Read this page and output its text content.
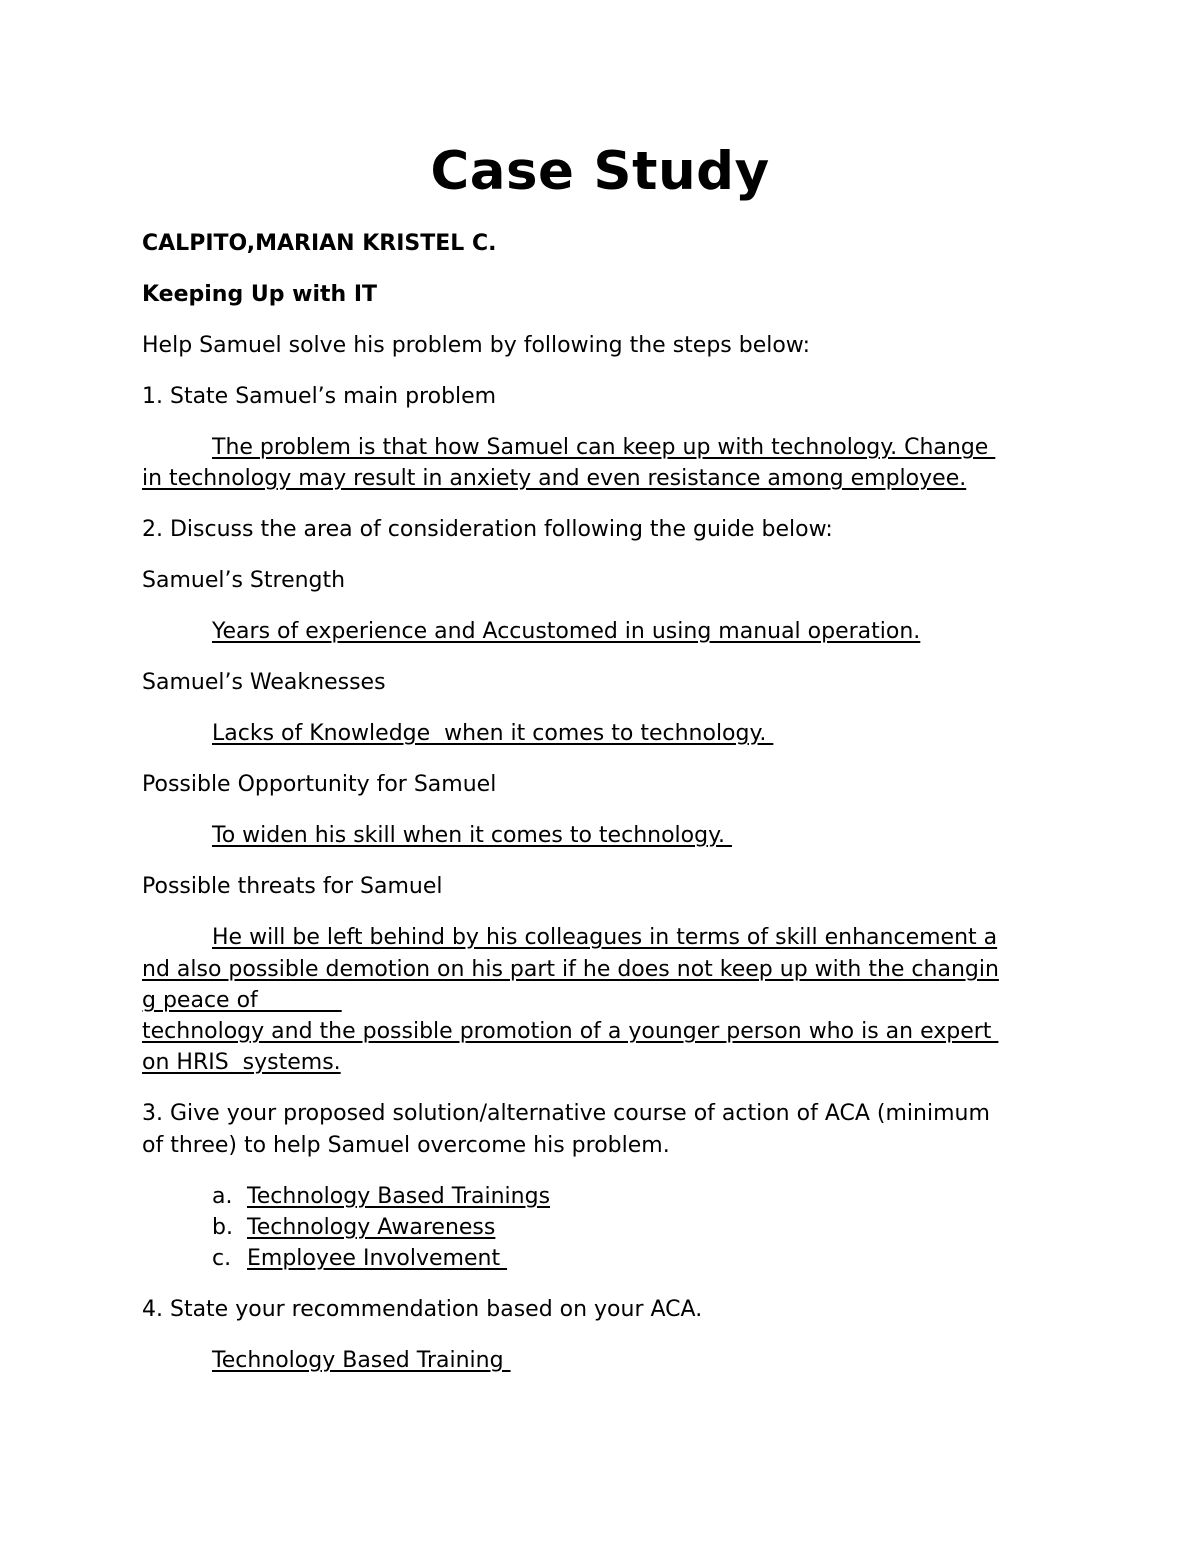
Case Study
CALPITO,MARIAN KRISTEL C.
Keeping Up with IT
Help Samuel solve his problem by following the steps below:
1. State Samuel’s main problem
The problem is that how Samuel can keep up with technology. Change
in technology may result in anxiety and even resistance among employee.
2. Discuss the area of consideration following the guide below:
Samuel’s Strength
Years of experience and Accustomed in using manual operation.
Samuel’s Weaknesses
Lacks of Knowledge  when it comes to technology.
Possible Opportunity for Samuel
To widen his skill when it comes to technology.
Possible threats for Samuel
He will be left behind by his colleagues in terms of skill enhancement a
nd also possible demotion on his part if he does not keep up with the changin
g peace of
technology and the possible promotion of a younger person who is an expert
on HRIS  systems.
3. Give your proposed solution/alternative course of action of ACA (minimum
of three) to help Samuel overcome his problem.
a. Technology Based Trainings
b. Technology Awareness
c. Employee Involvement
4. State your recommendation based on your ACA.
Technology Based Training
